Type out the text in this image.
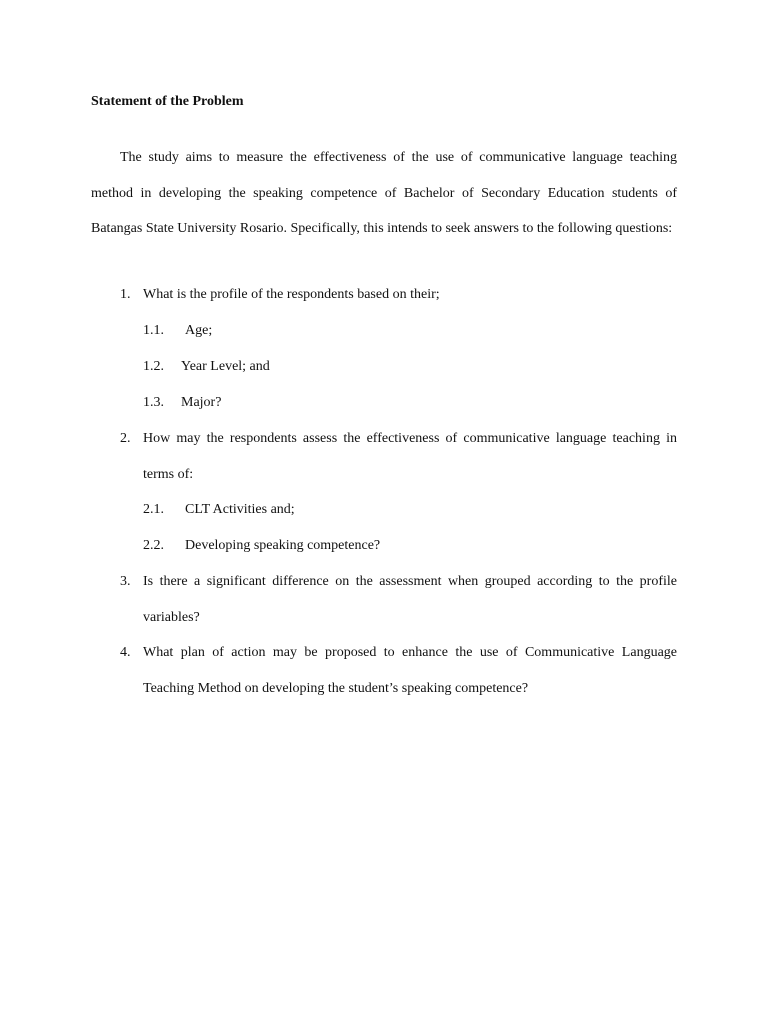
Statement of the Problem

The study aims to measure the effectiveness of the use of communicative language teaching method in developing the speaking competence of Bachelor of Secondary Education students of Batangas State University Rosario. Specifically, this intends to seek answers to the following questions:

1. What is the profile of the respondents based on their;
1.1. Age;
1.2. Year Level; and
1.3. Major?
2. How may the respondents assess the effectiveness of communicative language teaching in terms of:

2.1. CLT Activities and;
2.2. Developing speaking competence?
3. Is there a significant difference on the assessment when grouped according to the profile variables?

4. What plan of action may be proposed to enhance the use of Communicative Language Teaching Method on developing the student’s speaking competence?
